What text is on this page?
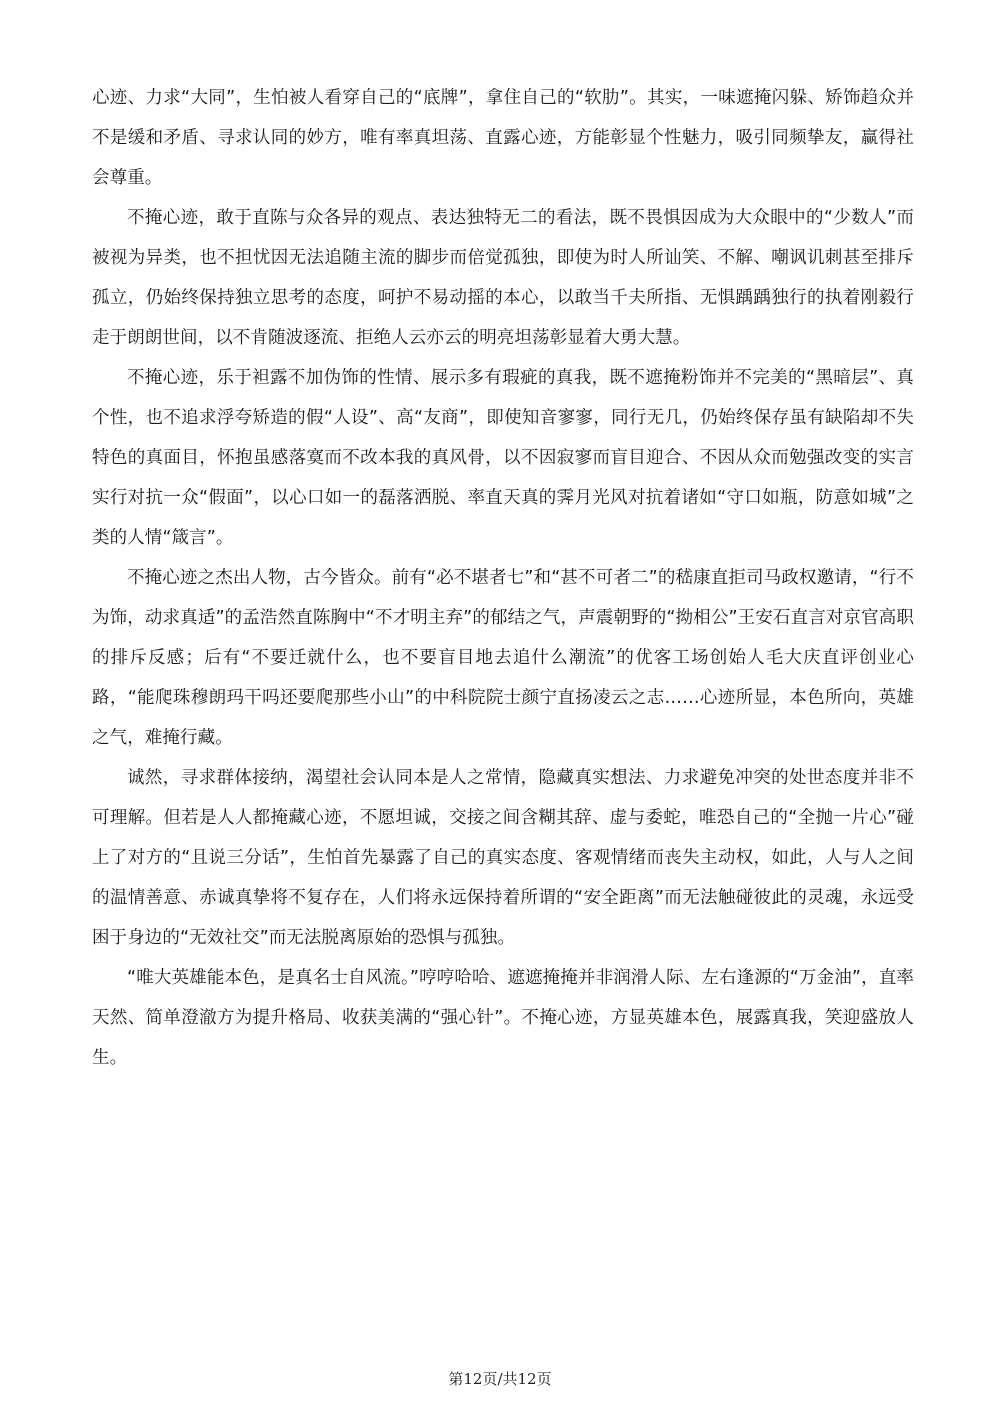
心迹、力求“大同”，生怕被人看穿自己的“底牌”，拿住自己的“软肋”。其实，一味遮掩闪躲、矫饰趋众并不是缓和矛盾、寻求认同的妙方，唯有率真坦荡、直露心迹，方能彰显个性魅力，吸引同频挚友，赢得社会尊重。

不掩心迹，敢于直陈与众各异的观点、表达独特无二的看法，既不畏惧因成为大众眼中的“少数人”而被视为异类，也不担忧因无法追随主流的脚步而倍觉孤独，即使为时人所讪笑、不解、嘲讽讥刺甚至排斥孤立，仍始终保持独立思考的态度，呵护不易动摇的本心，以敢当千夫所指、无惧踽踽独行的执着刚毅行走于朗朗世间，以不肯随波逐流、拒绝人云亦云的明亮坦荡彰显着大勇大慧。

不掩心迹，乐于袒露不加伪饰的性情、展示多有瑕疵的真我，既不遮掩粉饰并不完美的“黑暗层”、真个性，也不追求浮夸矫造的假“人设”、高“友商”，即使知音寥寥，同行无几，仍始终保存虽有缺陷却不失特色的真面目，怀抱虽感落寞而不改本我的真风骨，以不因寂寥而盲目迎合、不因从众而勉强改变的实言实行对抗一众“假面”，以心口如一的磊落洒脱、率直天真的霁月光风对抗着诸如“守口如瓶，防意如城”之类的人情“箴言”。

不掩心迹之杰出人物，古今皆众。前有“必不堪者七”和“甚不可者二”的嵇康直拒司马政权邀请，“行不为饰，动求真适”的孟浩然直陈胸中“不才明主弃”的郁结之气，声震朝野的“拗相公”王安石直言对京官高职的排斥反感；后有“不要迁就什么，也不要盲目地去追什么潮流”的优客工场创始人毛大庆直评创业心路，“能爬珠穆朗玛干吗还要爬那些小山”的中科院院士颜宁直扬凌云之志……心迹所显，本色所向，英雄之气，难掩行藏。

诚然，寻求群体接纳，渴望社会认同本是人之常情，隐藏真实想法、力求避免冲突的处世态度并非不可理解。但若是人人都掩藏心迹，不愿坦诚，交接之间含糊其辞、虚与委蛇，唯恐自己的“全抛一片心”碰上了对方的“且说三分话”，生怕首先暴露了自己的真实态度、客观情绪而丧失主动权，如此，人与人之间的温情善意、赤诚真挚将不复存在，人们将永远保持着所谓的“安全距离”而无法触碰彼此的灵魂，永远受困于身边的“无效社交”而无法脱离原始的恐惧与孤独。

“唯大英雄能本色，是真名士自风流。”哼哼哈哈、遮遮掩掩并非润滑人际、左右逢源的“万金油”，直率天然、简单澄澈方为提升格局、收获美满的“强心针”。不掩心迹，方显英雄本色，展露真我，笑迎盛放人生。

第12页/共12页
